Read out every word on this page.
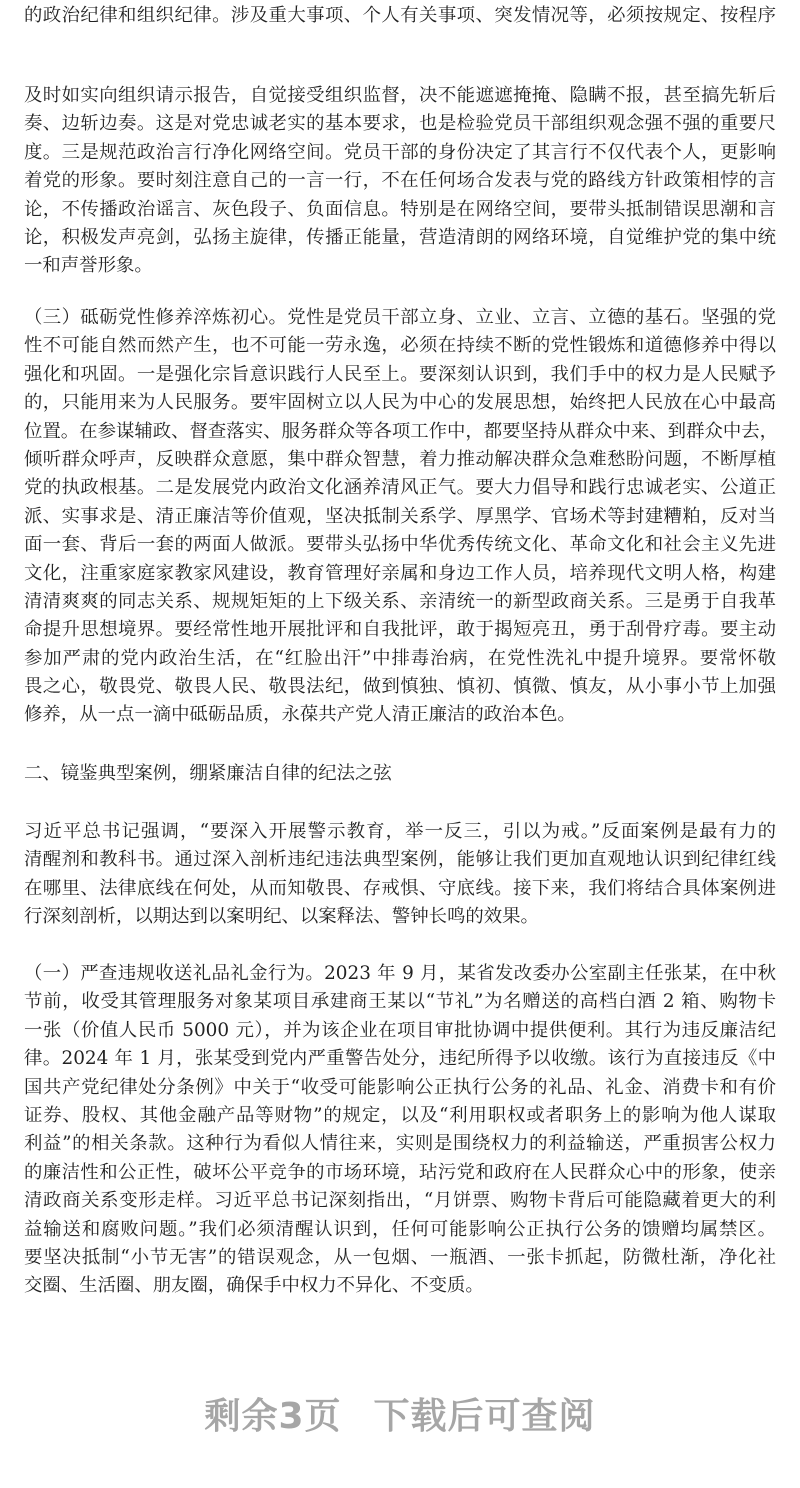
的政治纪律和组织纪律。涉及重大事项、个人有关事项、突发情况等，必须按规定、按程序
及时如实向组织请示报告，自觉接受组织监督，决不能遮遮掩掩、隐瞒不报，甚至搞先斩后
奏、边斩边奏。这是对党忠诚老实的基本要求，也是检验党员干部组织观念强不强的重要尺
度。三是规范政治言行净化网络空间。党员干部的身份决定了其言行不仅代表个人，更影响
着党的形象。要时刻注意自己的一言一行，不在任何场合发表与党的路线方针政策相悖的言
论，不传播政治谣言、灰色段子、负面信息。特别是在网络空间，要带头抵制错误思潮和言
论，积极发声亮剑，弘扬主旋律，传播正能量，营造清朗的网络环境，自觉维护党的集中统
一和声誉形象。
（三）砥砺党性修养淬炼初心。党性是党员干部立身、立业、立言、立德的基石。坚强的党
性不可能自然而然产生，也不可能一劳永逸，必须在持续不断的党性锻炼和道德修养中得以
强化和巩固。一是强化宗旨意识践行人民至上。要深刻认识到，我们手中的权力是人民赋予
的，只能用来为人民服务。要牢固树立以人民为中心的发展思想，始终把人民放在心中最高
位置。在参谋辅政、督查落实、服务群众等各项工作中，都要坚持从群众中来、到群众中去，
倾听群众呼声，反映群众意愿，集中群众智慧，着力推动解决群众急难愁盼问题，不断厚植
党的执政根基。二是发展党内政治文化涵养清风正气。要大力倡导和践行忠诚老实、公道正
派、实事求是、清正廉洁等价值观，坚决抵制关系学、厚黑学、官场术等封建糟粕，反对当
面一套、背后一套的两面人做派。要带头弘扬中华优秀传统文化、革命文化和社会主义先进
文化，注重家庭家教家风建设，教育管理好亲属和身边工作人员，培养现代文明人格，构建
清清爽爽的同志关系、规规矩矩的上下级关系、亲清统一的新型政商关系。三是勇于自我革
命提升思想境界。要经常性地开展批评和自我批评，敢于揭短亮丑，勇于刮骨疗毒。要主动
参加严肃的党内政治生活，在“红脸出汗”中排毒治病，在党性洗礼中提升境界。要常怀敬
畏之心，敬畏党、敬畏人民、敬畏法纪，做到慎独、慎初、慎微、慎友，从小事小节上加强
修养，从一点一滴中砥砺品质，永葆共产党人清正廉洁的政治本色。
二、镜鉴典型案例，绷紧廉洁自律的纪法之弦
习近平总书记强调，“要深入开展警示教育，举一反三，引以为戒。”反面案例是最有力的
清醒剂和教科书。通过深入剖析违纪违法典型案例，能够让我们更加直观地认识到纪律红线
在哪里、法律底线在何处，从而知敬畏、存戒惧、守底线。接下来，我们将结合具体案例进
行深刻剖析，以期达到以案明纪、以案释法、警钟长鸣的效果。
（一）严查违规收送礼品礼金行为。2023 年 9 月，某省发改委办公室副主任张某，在中秋
节前，收受其管理服务对象某项目承建商王某以“节礼”为名赠送的高档白酒 2 箱、购物卡
一张（价值人民币 5000 元），并为该企业在项目审批协调中提供便利。其行为违反廉洁纪
律。2024 年 1 月，张某受到党内严重警告处分，违纪所得予以收缴。该行为直接违反《中
国共产党纪律处分条例》中关于“收受可能影响公正执行公务的礼品、礼金、消费卡和有价
证券、股权、其他金融产品等财物”的规定，以及“利用职权或者职务上的影响为他人谋取
利益”的相关条款。这种行为看似人情往来，实则是围绕权力的利益输送，严重损害公权力
的廉洁性和公正性，破坏公平竞争的市场环境，玷污党和政府在人民群众心中的形象，使亲
清政商关系变形走样。习近平总书记深刻指出，“月饼票、购物卡背后可能隐藏着更大的利
益输送和腐败问题。”我们必须清醒认识到，任何可能影响公正执行公务的馈赠均属禁区。
要坚决抵制“小节无害”的错误观念，从一包烟、一瓶酒、一张卡抓起，防微杜渐，净化社
交圈、生活圈、朋友圈，确保手中权力不异化、不变质。
剩余3页 下载后可查阅
